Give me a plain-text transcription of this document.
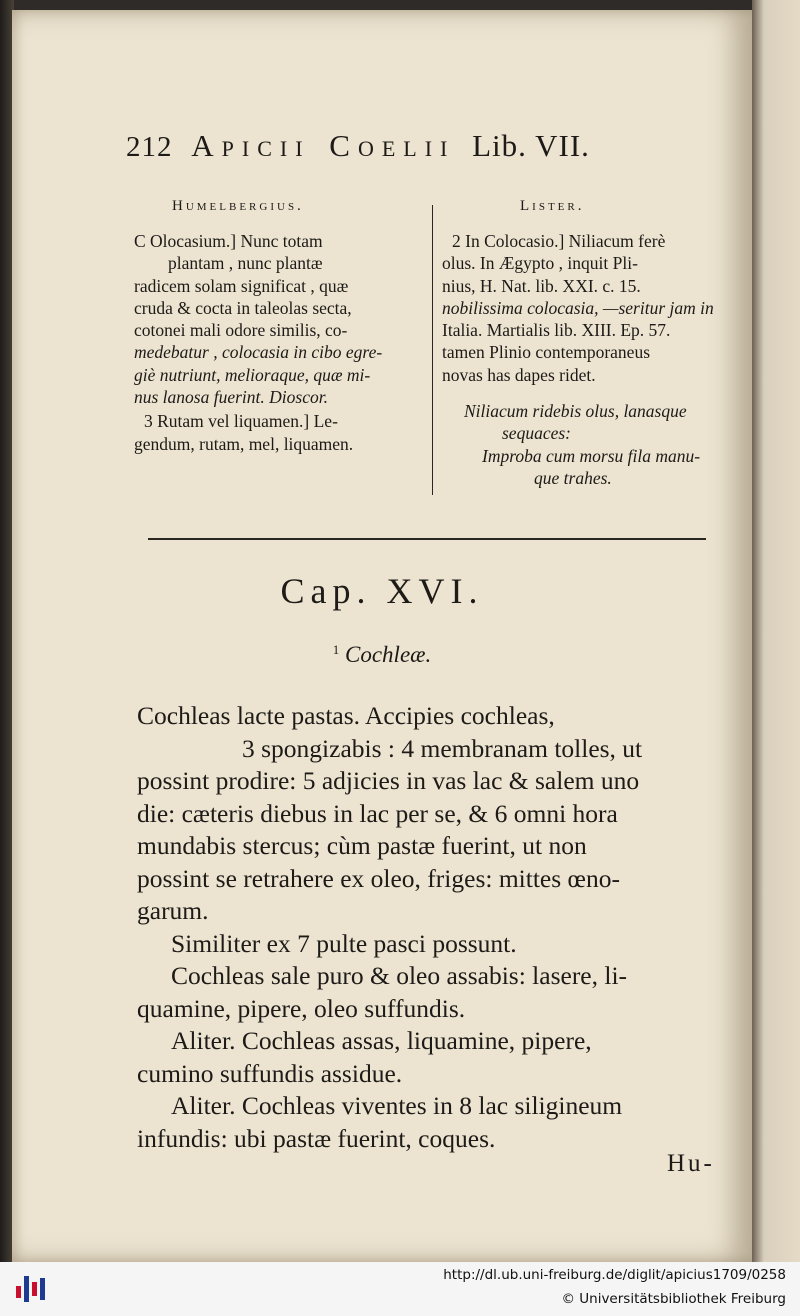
212 Apicii Coelii Lib. VII.
Humelbergius.	Lister.

C Olocasium.] Nunc totam

plantam , nunc plantæ

radicem solam significat , quæ

cruda & cocta in taleolas secta,

cotonei mali odore similis, co-

medebatur , colocasia in cibo egre-

giè nutriunt, melioraque, quæ mi-

nus lanosa fuerint. Dioscor.

3 Rutam vel liquamen.] Le-

gendum, rutam, mel, liquamen.

2 In Colocasio.] Niliacum ferè

olus. In Ægypto , inquit Pli-

nius, H. Nat. lib. XXI. c. 15.

nobilissima colocasia, —seritur jam in

Italia. Martialis lib. XIII. Ep. 57.

tamen Plinio contemporaneus

novas has dapes ridet.

Niliacum ridebis olus, lanasque

sequaces:

Improba cum morsu fila manu-

que trahes.

Cap. XVI.
$^1$ Cochleæ.

Cochleas lacte pastas. Accipies cochleas,

3 spongizabis : 4 membranam tolles, ut

possint prodire: 5 adjicies in vas lac & salem uno

die: cæteris diebus in lac per se, & 6 omni hora

mundabis stercus; cùm pastæ fuerint, ut non

possint se retrahere ex oleo, friges: mittes œno-

garum.

Similiter ex 7 pulte pasci possunt.

Cochleas sale puro & oleo assabis: lasere, li-

quamine, pipere, oleo suffundis.

Aliter. Cochleas assas, liquamine, pipere,

cumino suffundis assidue.

Aliter. Cochleas viventes in 8 lac siligineum

infundis: ubi pastæ fuerint, coques.

Hu-
http://dl.ub.uni-freiburg.de/diglit/apicius1709/0258
© Universitätsbibliothek Freiburg
